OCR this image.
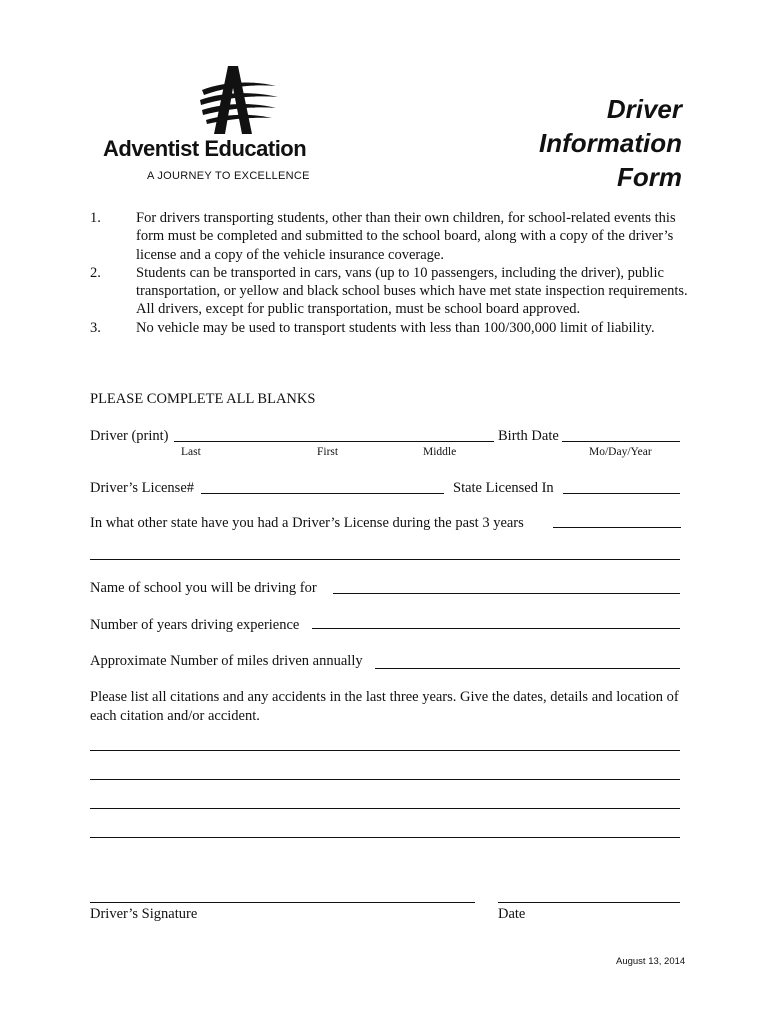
Adventist Education
A JOURNEY TO EXCELLENCE
Driver
Information
Form
1. For drivers transporting students, other than their own children, for school-related events this form must be completed and submitted to the school board, along with a copy of the driver’s license and a copy of the vehicle insurance coverage.
2. Students can be transported in cars, vans (up to 10 passengers, including the driver), public transportation, or yellow and black school buses which have met state inspection requirements. All drivers, except for public transportation, must be school board approved.
3. No vehicle may be used to transport students with less than 100/300,000 limit of liability.
PLEASE COMPLETE ALL BLANKS
Driver (print)	Birth Date
Last	First	Middle	Mo/Day/Year
Driver’s License#	State Licensed In
In what other state have you had a Driver’s License during the past 3 years
Name of school you will be driving for
Number of years driving experience
Approximate Number of miles driven annually
Please list all citations and any accidents in the last three years. Give the dates, details and location of each citation and/or accident.
Driver’s Signature	Date
August 13, 2014
